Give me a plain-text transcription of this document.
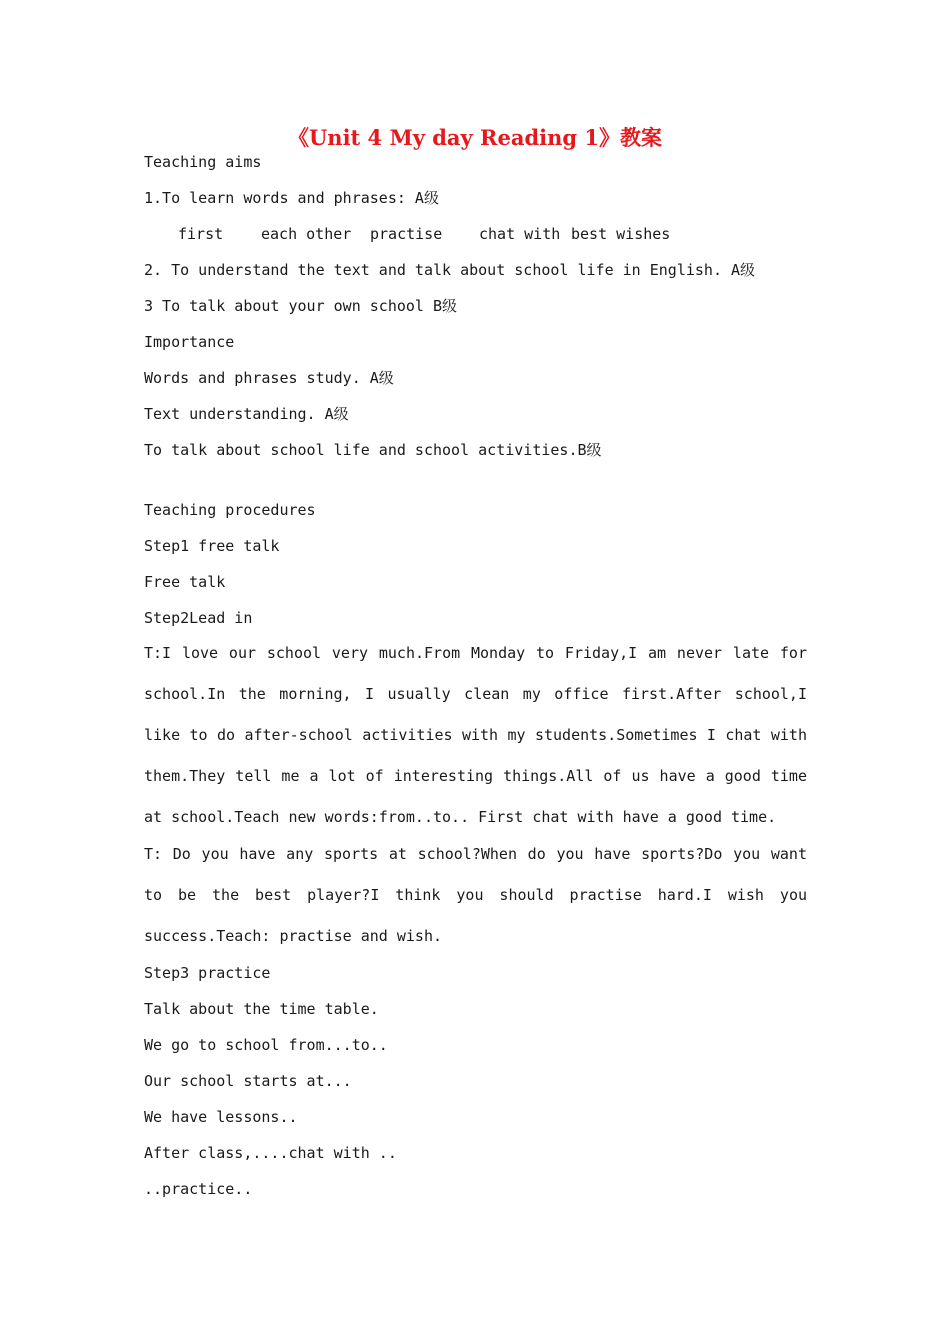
《Unit 4 My day Reading 1》教案
Teaching aims
1.To learn words and phrases: A级

first

	each other

practise

chat with

best wishes

2. To understand the text and talk about school life in English. A级
3 To talk about your own school B级
Importance
Words and phrases study. A级
Text understanding. A级
To talk about school life and school activities.B级
Teaching procedures
Step1 free talk
Free talk
Step2Lead in
T:I love our school very much.From Monday to Friday,I am never late for school.In the morning, I usually clean my office first.After school,I like to do after-school activities with my students.Sometimes I chat with them.They tell me a lot of interesting things.All of us have a good time at school.Teach new words:from..to.. First chat with have a good time.
T: Do you have any sports at school?When do you have sports?Do you want to be the best player?I think you should practise hard.I wish you success.Teach: practise and wish.
Step3 practice
Talk about the time table.
We go to school from...to..
Our school starts at...
We have lessons..
After class,....chat with ..
..practice..
